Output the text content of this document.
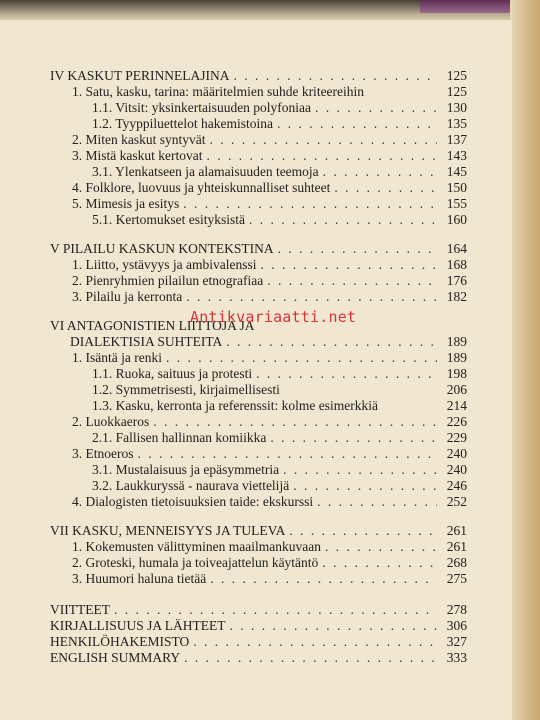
IV KASKUT PERINNELAJINA . . .	125
1. Satu, kasku, tarina: määritelmien suhde kriteereihin	125
1.1. Vitsit: yksinkertaisuuden polyfoniaa . . .	130
1.2. Tyyppiluettelot hakemistoina . . .	135
2. Miten kaskut syntyvät . . .	137
3. Mistä kaskut kertovat . . .	143
3.1. Ylenkatseen ja alamaisuuden teemoja . . .	145
4. Folklore, luovuus ja yhteiskunnalliset suhteet . . .	150
5. Mimesis ja esitys . . .	155
5.1. Kertomukset esityksistä . . .	160
V PILAILU KASKUN KONTEKSTINA . . .	164
1. Liitto, ystävyys ja ambivalenssi . . .	168
2. Pienryhmien pilailun etnografiaa . . .	176
3. Pilailu ja kerronta . . .	182
VI ANTAGONISTIEN LIITTOJA JA
DIALEKTISIA SUHTEITA . . .	189
1. Isäntä ja renki . . .	189
1.1. Ruoka, saituus ja protesti . . .	198
1.2. Symmetrisesti, kirjaimellisesti	206
1.3. Kasku, kerronta ja referenssit: kolme esimerkkiä	214
2. Luokkaeros . . .	226
2.1. Fallisen hallinnan komiikka . . .	229
3. Etnoeros . . .	240
3.1. Mustalaisuus ja epäsymmetria . . .	240
3.2. Laukkuryssä - naurava viettelijä . . .	246
4. Dialogisten tietoisuuksien taide: ekskurssi . . .	252
VII KASKU, MENNEISYYS JA TULEVA . . .	261
1. Kokemusten välittyminen maailmankuvaan . . .	261
2. Groteski, humala ja toiveajattelun käytäntö . . .	268
3. Huumori haluna tietää . . .	275
VIITTEET . . .	278
KIRJALLISUUS JA LÄHTEET . . .	306
HENKILÖHAKEMISTO . . .	327
ENGLISH SUMMARY . . .	333
Antikvariaatti.net
